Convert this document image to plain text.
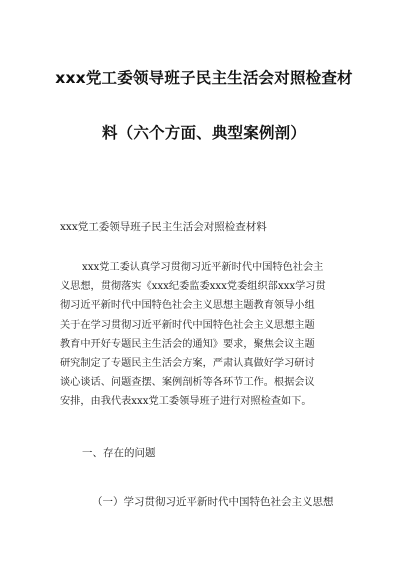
xxx党工委领导班子民主生活会对照检查材
料（六个方面、典型案例剖）
xxx党工委领导班子民主生活会对照检查材料
xxx党工委认真学习贯彻习近平新时代中国特色社会主
义思想，贯彻落实《xxx纪委监委xxx党委组织部xxx学习贯
彻习近平新时代中国特色社会主义思想主题教育领导小组
关于在学习贯彻习近平新时代中国特色社会主义思想主题
教育中开好专题民主生活会的通知》要求，聚焦会议主题
研究制定了专题民主生活会方案，严肃认真做好学习研讨
谈心谈话、问题查摆、案例剖析等各环节工作。根据会议
安排，由我代表xxx党工委领导班子进行对照检查如下。
一、存在的问题
（一）学习贯彻习近平新时代中国特色社会主义思想
